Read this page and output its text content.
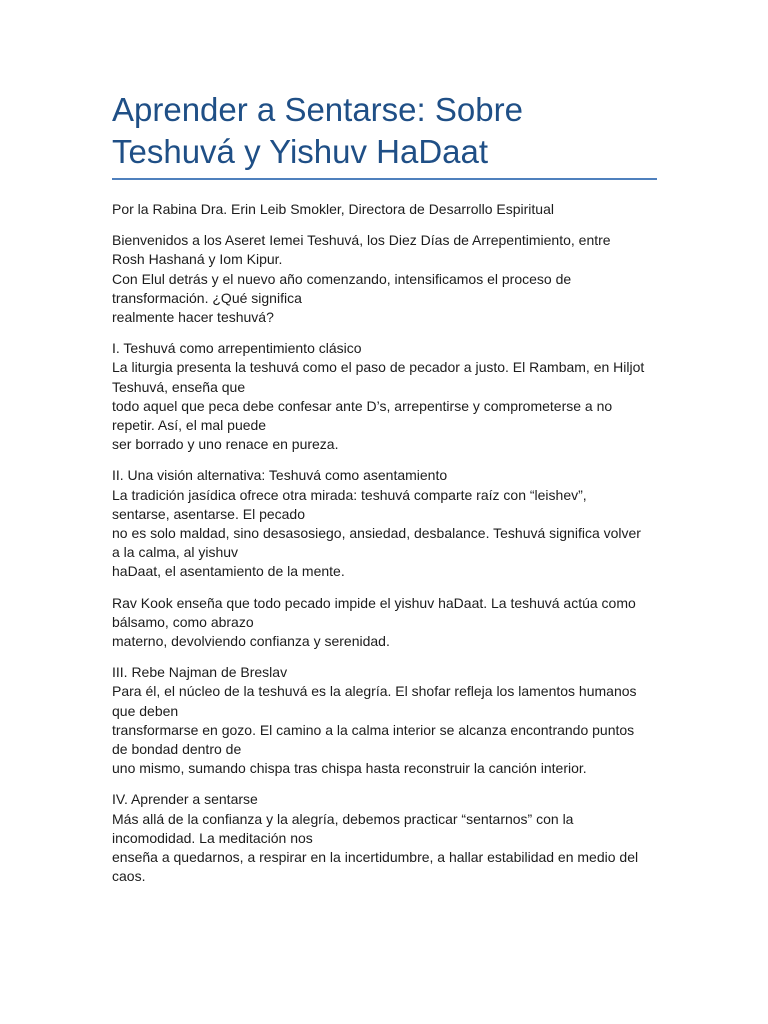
Aprender a Sentarse: Sobre
Teshuvá y Yishuv HaDaat

Por la Rabina Dra. Erin Leib Smokler, Directora de Desarrollo Espiritual

Bienvenidos a los Aseret Iemei Teshuvá, los Diez Días de Arrepentimiento, entre
Rosh Hashaná y Iom Kipur.
Con Elul detrás y el nuevo año comenzando, intensificamos el proceso de
transformación. ¿Qué significa
realmente hacer teshuvá?

I. Teshuvá como arrepentimiento clásico
La liturgia presenta la teshuvá como el paso de pecador a justo. El Rambam, en Hiljot
Teshuvá, enseña que
todo aquel que peca debe confesar ante D’s, arrepentirse y comprometerse a no
repetir. Así, el mal puede
ser borrado y uno renace en pureza.

II. Una visión alternativa: Teshuvá como asentamiento
La tradición jasídica ofrece otra mirada: teshuvá comparte raíz con “leishev”,
sentarse, asentarse. El pecado
no es solo maldad, sino desasosiego, ansiedad, desbalance. Teshuvá significa volver
a la calma, al yishuv
haDaat, el asentamiento de la mente.

Rav Kook enseña que todo pecado impide el yishuv haDaat. La teshuvá actúa como
bálsamo, como abrazo
materno, devolviendo confianza y serenidad.

III. Rebe Najman de Breslav
Para él, el núcleo de la teshuvá es la alegría. El shofar refleja los lamentos humanos
que deben
transformarse en gozo. El camino a la calma interior se alcanza encontrando puntos
de bondad dentro de
uno mismo, sumando chispa tras chispa hasta reconstruir la canción interior.

IV. Aprender a sentarse
Más allá de la confianza y la alegría, debemos practicar “sentarnos” con la
incomodidad. La meditación nos
enseña a quedarnos, a respirar en la incertidumbre, a hallar estabilidad en medio del
caos.
